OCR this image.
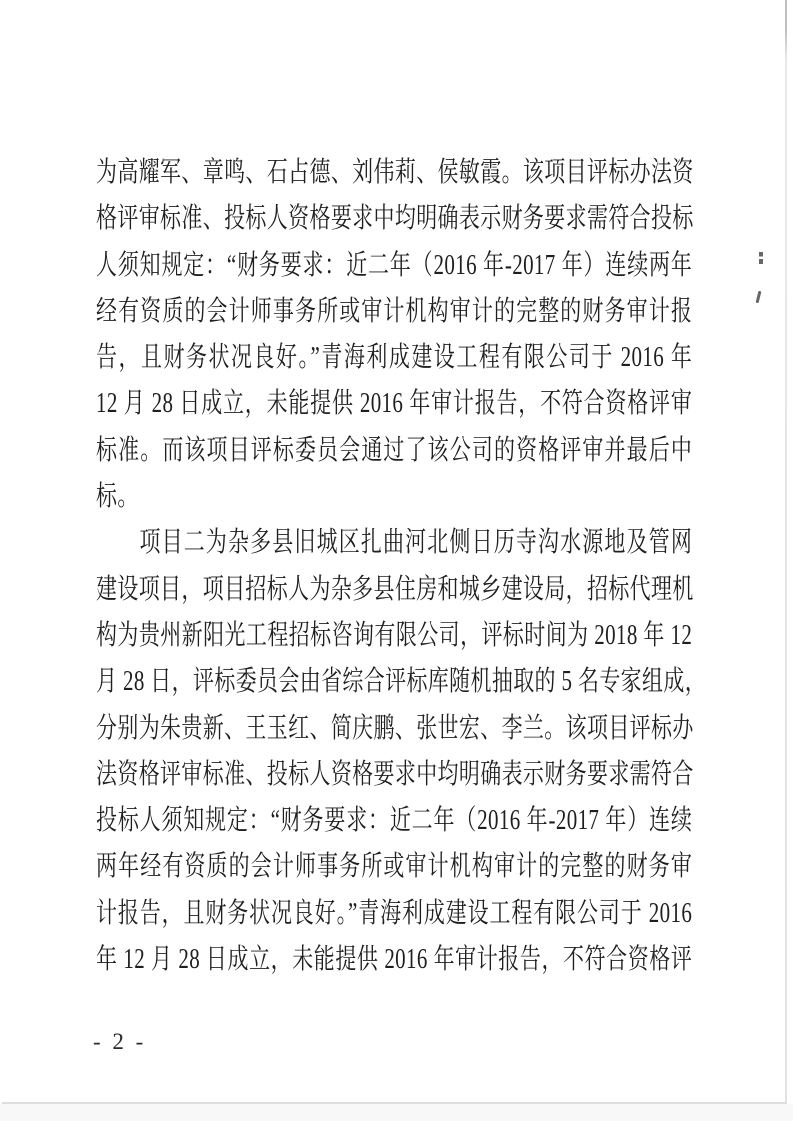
为高耀军、章鸣、石占德、刘伟莉、侯敏霞。该项目评标办法资
格评审标准、投标人资格要求中均明确表示财务要求需符合投标
人须知规定：“财务要求：近二年（2016 年-2017 年）连续两年
经有资质的会计师事务所或审计机构审计的完整的财务审计报
告，且财务状况良好。”青海利成建设工程有限公司于 2016 年
12 月 28 日成立，未能提供 2016 年审计报告，不符合资格评审
标准。而该项目评标委员会通过了该公司的资格评审并最后中
标。
项目二为杂多县旧城区扎曲河北侧日历寺沟水源地及管网
建设项目，项目招标人为杂多县住房和城乡建设局，招标代理机
构为贵州新阳光工程招标咨询有限公司，评标时间为 2018 年 12
月 28 日，评标委员会由省综合评标库随机抽取的 5 名专家组成，
分别为朱贵新、王玉红、简庆鹏、张世宏、李兰。该项目评标办
法资格评审标准、投标人资格要求中均明确表示财务要求需符合
投标人须知规定：“财务要求：近二年（2016 年-2017 年）连续
两年经有资质的会计师事务所或审计机构审计的完整的财务审
计报告，且财务状况良好。”青海利成建设工程有限公司于 2016
年 12 月 28 日成立，未能提供 2016 年审计报告，不符合资格评
- 2 -
